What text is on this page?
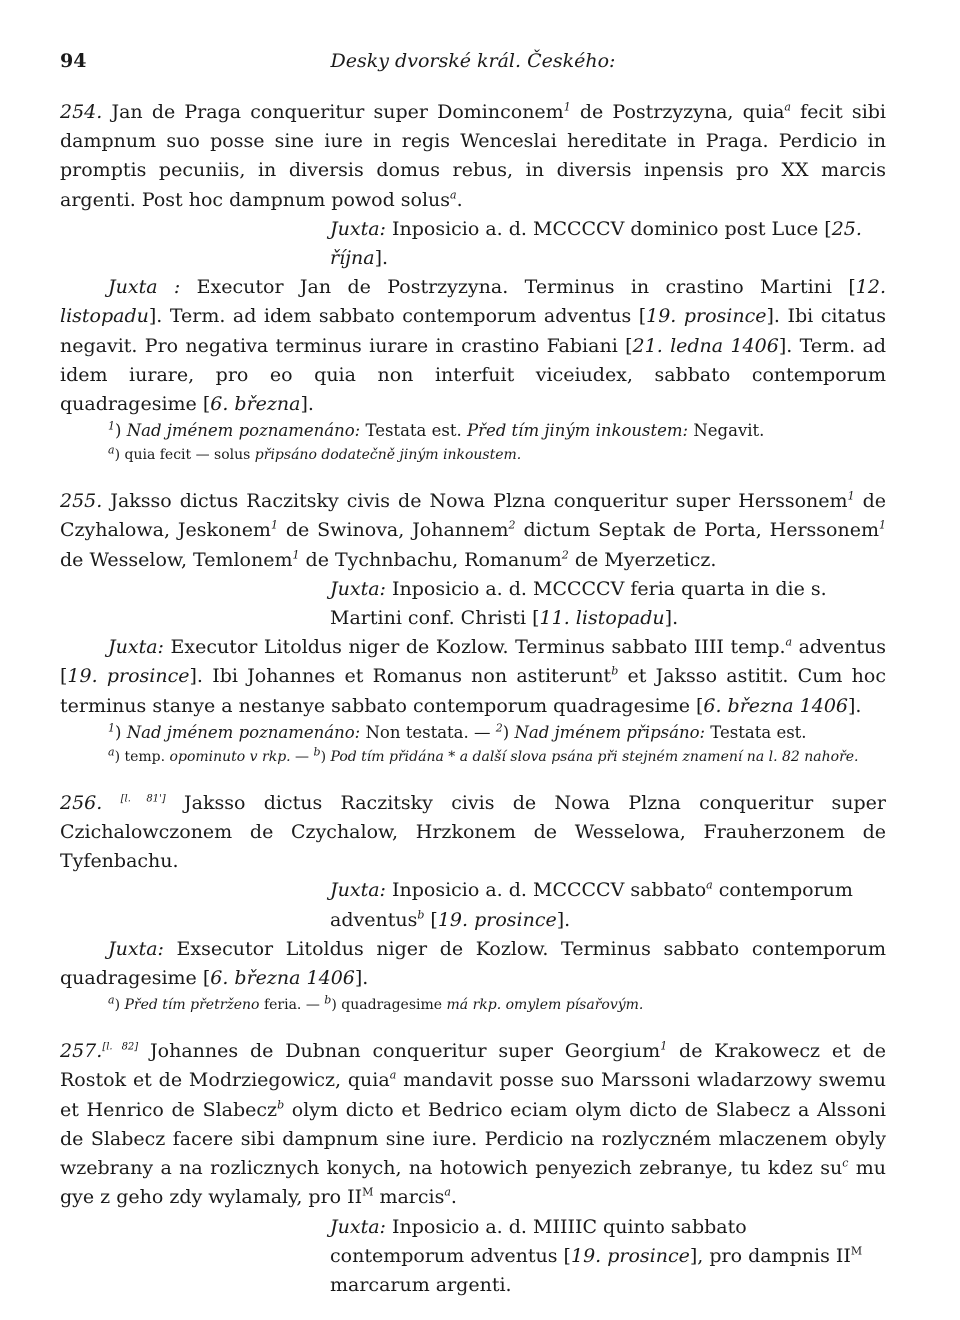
94	Desky dvorské král. Českého:

254. Jan de Praga conqueritur super Dominconem$^1$ de Postrzyzyna, quia$^a$ fecit sibi dampnum suo posse sine iure in regis Wenceslai hereditate in Praga. Perdicio in promptis pecuniis, in diversis domus rebus, in diversis inpensis pro XX marcis argenti. Post hoc dampnum powod solus$^a$.

Juxta: Inposicio a. d. MCCCCV dominico post Luce [25. října].

Juxta : Executor Jan de Postrzyzyna. Terminus in crastino Martini [12. listopadu]. Term. ad idem sabbato contemporum adventus [19. prosince]. Ibi citatus negavit. Pro negativa terminus iurare in crastino Fabiani [21. ledna 1406]. Term. ad idem iurare, pro eo quia non interfuit viceiudex, sabbato contemporum quadragesime [6. března].

$^1$) Nad jménem poznamenáno: Testata est. Před tím jiným inkoustem: Negavit.

$^a$) quia fecit — solus připsáno dodatečně jiným inkoustem.

255. Jaksso dictus Raczitsky civis de Nowa Plzna conqueritur super Herssonem$^1$ de Czyhalowa, Jeskonem$^1$ de Swinova, Johannem$^2$ dictum Septak de Porta, Herssonem$^1$ de Wesselow, Temlonem$^1$ de Tychnbachu, Romanum$^2$ de Myerzeticz.

Juxta: Inposicio a. d. MCCCCV feria quarta in die s. Martini conf. Christi [11. listopadu].

Juxta: Executor Litoldus niger de Kozlow. Terminus sabbato IIII temp.$^a$ adventus [19. prosince]. Ibi Johannes et Romanus non astiterunt$^b$ et Jaksso astitit. Cum hoc terminus stanye a nestanye sabbato contemporum quadragesime [6. března 1406].

$^1$) Nad jménem poznamenáno: Non testata. — $^2$) Nad jménem připsáno: Testata est.

$^a$) temp. opominuto v rkp. — $^b$) Pod tím přidána * a další slova psána při stejném znamení na l. 82 nahoře.

256. [l. 81'] Jaksso dictus Raczitsky civis de Nowa Plzna conqueritur super Czichalowczonem de Czychalow, Hrzkonem de Wesselowa, Frauherzonem de Tyfenbachu.

Juxta: Inposicio a. d. MCCCCV sabbato$^a$ contemporum adventus$^b$ [19. prosince].

Juxta: Exsecutor Litoldus niger de Kozlow. Terminus sabbato contemporum quadragesime [6. března 1406].

$^a$) Před tím přetrženo feria. — $^b$) quadragesime má rkp. omylem písařovým.

257.[l. 82] Johannes de Dubnan conqueritur super Georgium$^1$ de Krakowecz et de Rostok et de Modrziegowicz, quia$^a$ mandavit posse suo Marssoni wladarzowy swemu et Henrico de Slabecz$^b$ olym dicto et Bedrico eciam olym dicto de Slabecz a Alssoni de Slabecz facere sibi dampnum sine iure. Perdicio na rozlyczném mlaczenem obyly wzebrany a na rozlicznych konych, na hotowich penyezich zebranye, tu kdez $su^c$ mu gye z geho zdy wylamaly, pro $II^M$ marcis$^a$.

Juxta: Inposicio a. d. MIIIIC quinto sabbato contemporum adventus [19. prosince], pro dampnis $II^M$ marcarum argenti.
